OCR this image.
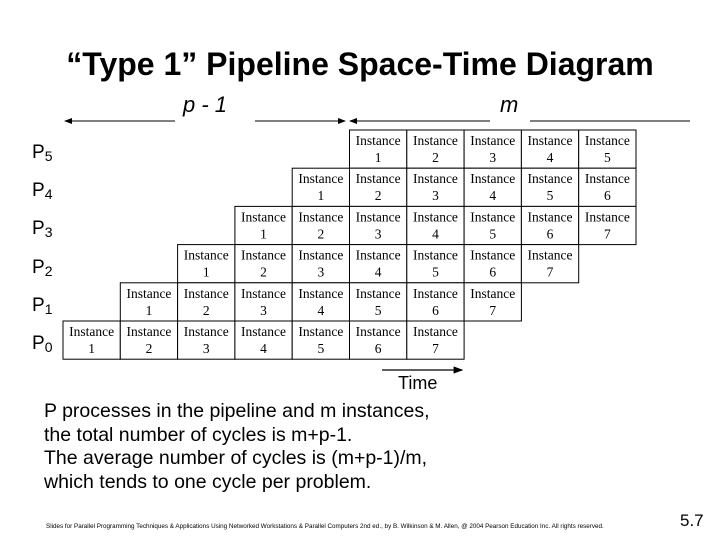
“Type 1” Pipeline Space-Time Diagram
p - 1	m
Instance
1
Instance
2
Instance
3
Instance
4
Instance
5
Instance
1
Instance
2
Instance
3
Instance
4
Instance
5
Instance
6
Instance
1
Instance
2
Instance
3
Instance
4
Instance
5
Instance
6
Instance
7
Instance
1
Instance
2
Instance
3
Instance
4
Instance
5
Instance
6
Instance
7
Instance
1
Instance
2
Instance
3
Instance
4
Instance
5
Instance
6
Instance
7
Instance
1
Instance
2
Instance
3
Instance
4
Instance
5
Instance
6
Instance
7
$P_5$
$P_4$
$P_3$
$P_2$
$P_1$
$P_0$
Time
P processes in the pipeline and m instances,
the total number of cycles is m+p-1.
The average number of cycles is (m+p-1)/m,
which tends to one cycle per problem.
Slides for Parallel Programming Techniques & Applications Using Networked Workstations & Parallel Computers 2nd ed., by B. Wilkinson & M. Allen, @ 2004 Pearson Education Inc. All rights reserved.	5.7
